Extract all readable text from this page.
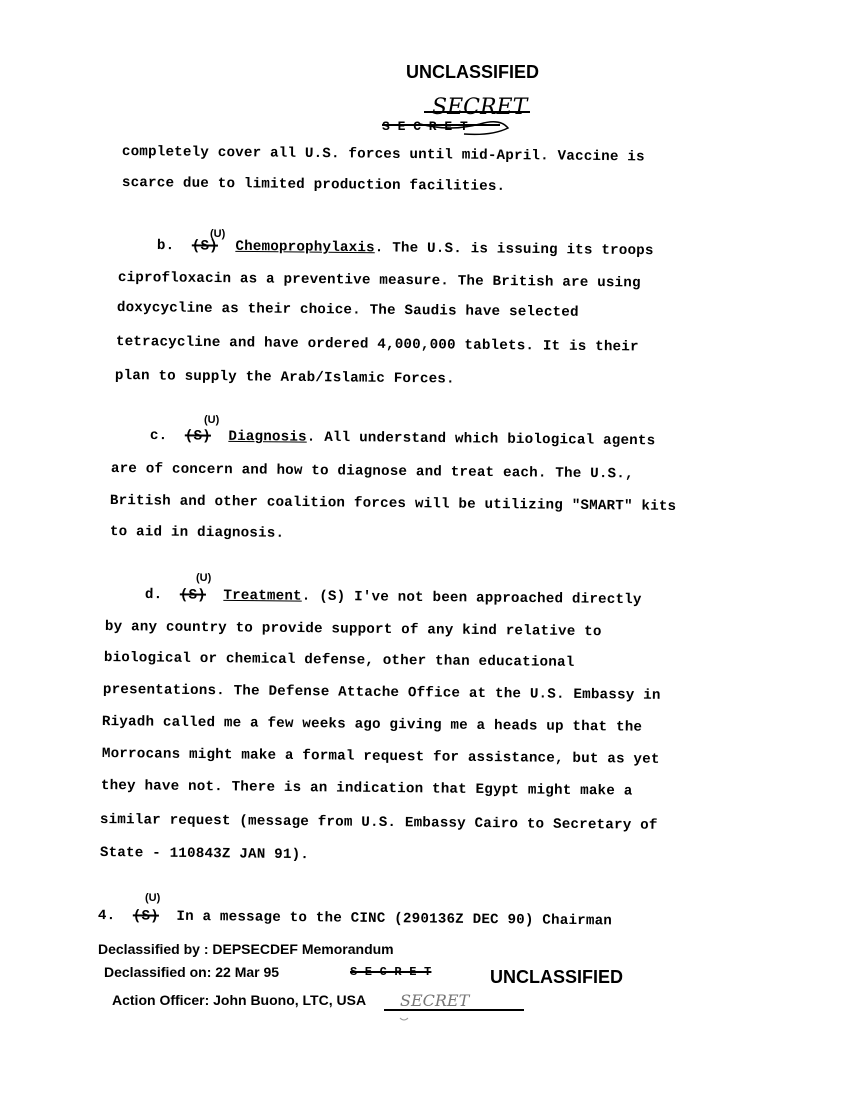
UNCLASSIFIED
SECRET
S E C R E T
completely cover all U.S. forces until mid-April. Vaccine is
scarce due to limited production facilities.
(U)
b. (S) Chemoprophylaxis. The U.S. is issuing its troops
ciprofloxacin as a preventive measure. The British are using
doxycycline as their choice. The Saudis have selected
tetracycline and have ordered 4,000,000 tablets. It is their
plan to supply the Arab/Islamic Forces.
(U)
c. (S) Diagnosis. All understand which biological agents
are of concern and how to diagnose and treat each. The U.S.,
British and other coalition forces will be utilizing "SMART" kits
to aid in diagnosis.
(U)
d. (S) Treatment. (S) I've not been approached directly
by any country to provide support of any kind relative to
biological or chemical defense, other than educational
presentations. The Defense Attache Office at the U.S. Embassy in
Riyadh called me a few weeks ago giving me a heads up that the
Morrocans might make a formal request for assistance, but as yet
they have not. There is an indication that Egypt might make a
similar request (message from U.S. Embassy Cairo to Secretary of
State - 110843Z JAN 91).
(U)
4. (S) In a message to the CINC (290136Z DEC 90) Chairman
Declassified by : DEPSECDEF Memorandum
Declassified on: 22 Mar 95	S E C R E T	UNCLASSIFIED
Action Officer: John Buono, LTC, USA SECRET
